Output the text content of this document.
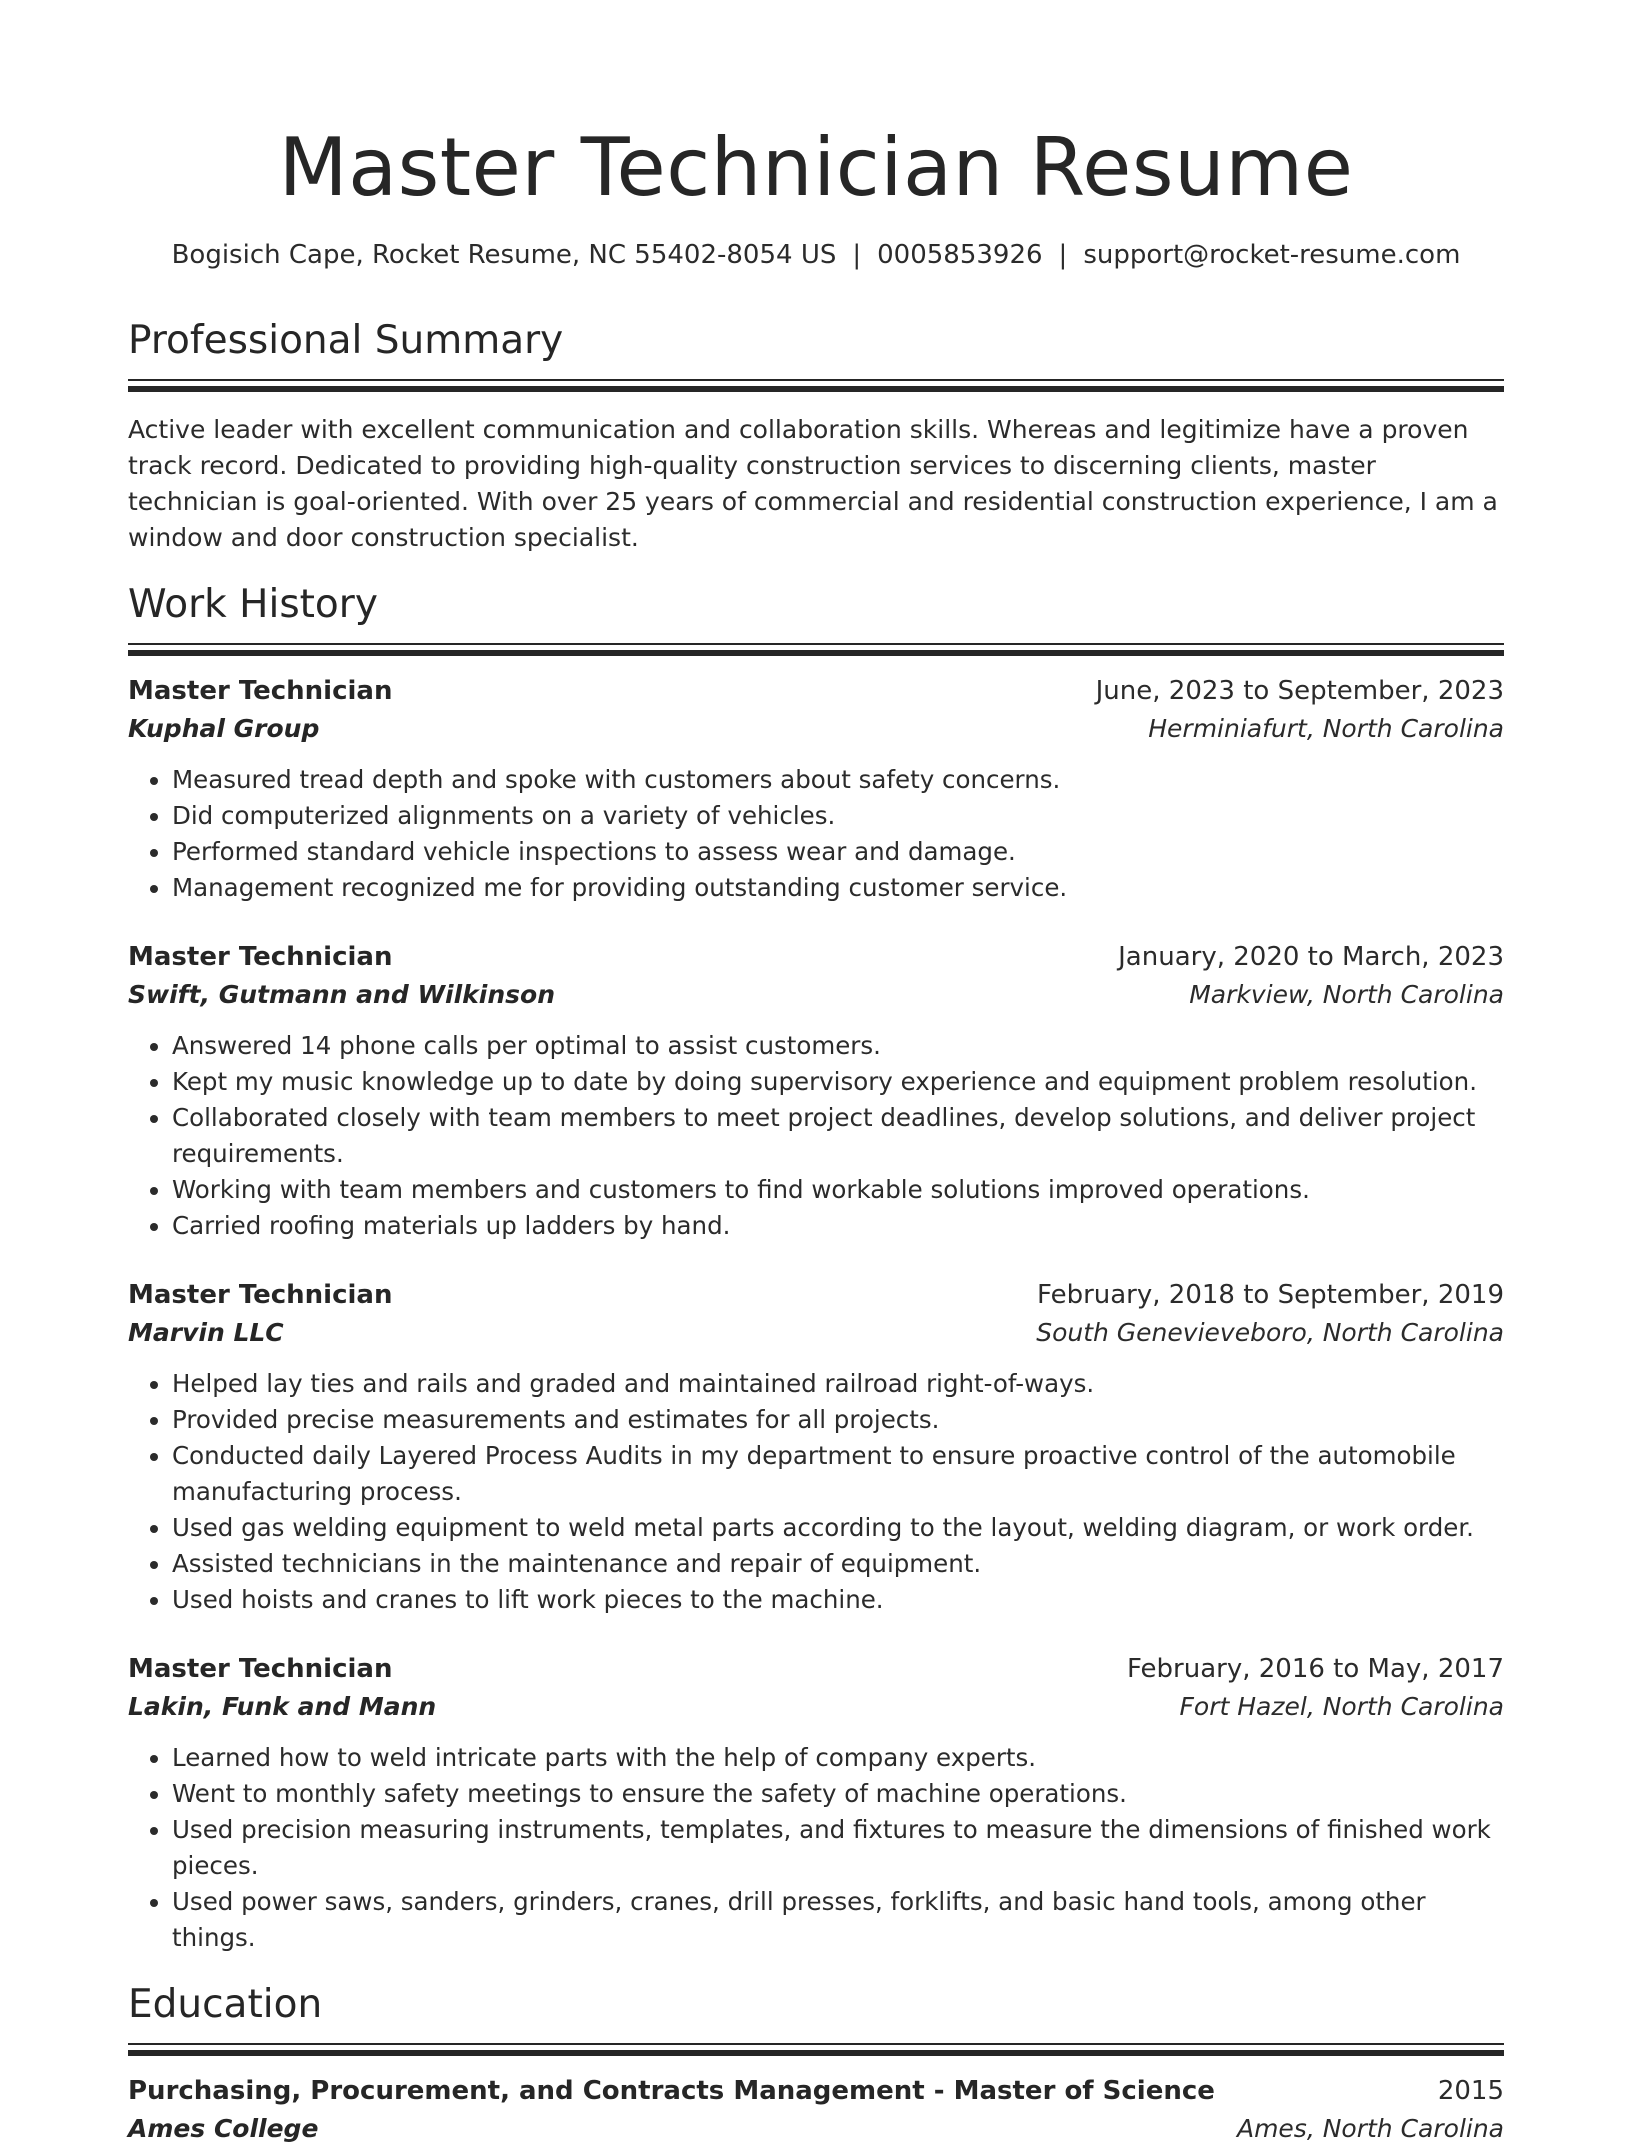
Master Technician Resume
Bogisich Cape, Rocket Resume, NC 55402-8054 US | 0005853926 | support@rocket-resume.com
Professional Summary

Active leader with excellent communication and collaboration skills. Whereas and legitimize have a proven track record. Dedicated to providing high-quality construction services to discerning clients, master technician is goal-oriented. With over 25 years of commercial and residential construction experience, I am a window and door construction specialist.

Work History
Master Technician	June, 2023 to September, 2023
Kuphal Group	Herminiafurt, North Carolina
• Measured tread depth and spoke with customers about safety concerns.
• Did computerized alignments on a variety of vehicles.
• Performed standard vehicle inspections to assess wear and damage.
• Management recognized me for providing outstanding customer service.
Master Technician	January, 2020 to March, 2023
Swift, Gutmann and Wilkinson	Markview, North Carolina
• Answered 14 phone calls per optimal to assist customers.
• Kept my music knowledge up to date by doing supervisory experience and equipment problem resolution.
• Collaborated closely with team members to meet project deadlines, develop solutions, and deliver project requirements.
• Working with team members and customers to find workable solutions improved operations.
• Carried roofing materials up ladders by hand.
Master Technician	February, 2018 to September, 2019
Marvin LLC	South Genevieveboro, North Carolina
• Helped lay ties and rails and graded and maintained railroad right-of-ways.
• Provided precise measurements and estimates for all projects.
• Conducted daily Layered Process Audits in my department to ensure proactive control of the automobile manufacturing process.
• Used gas welding equipment to weld metal parts according to the layout, welding diagram, or work order.
• Assisted technicians in the maintenance and repair of equipment.
• Used hoists and cranes to lift work pieces to the machine.
Master Technician	February, 2016 to May, 2017
Lakin, Funk and Mann	Fort Hazel, North Carolina
• Learned how to weld intricate parts with the help of company experts.
• Went to monthly safety meetings to ensure the safety of machine operations.
• Used precision measuring instruments, templates, and fixtures to measure the dimensions of finished work pieces.
• Used power saws, sanders, grinders, cranes, drill presses, forklifts, and basic hand tools, among other things.
Education
Purchasing, Procurement, and Contracts Management - Master of Science	2015
Ames College	Ames, North Carolina
